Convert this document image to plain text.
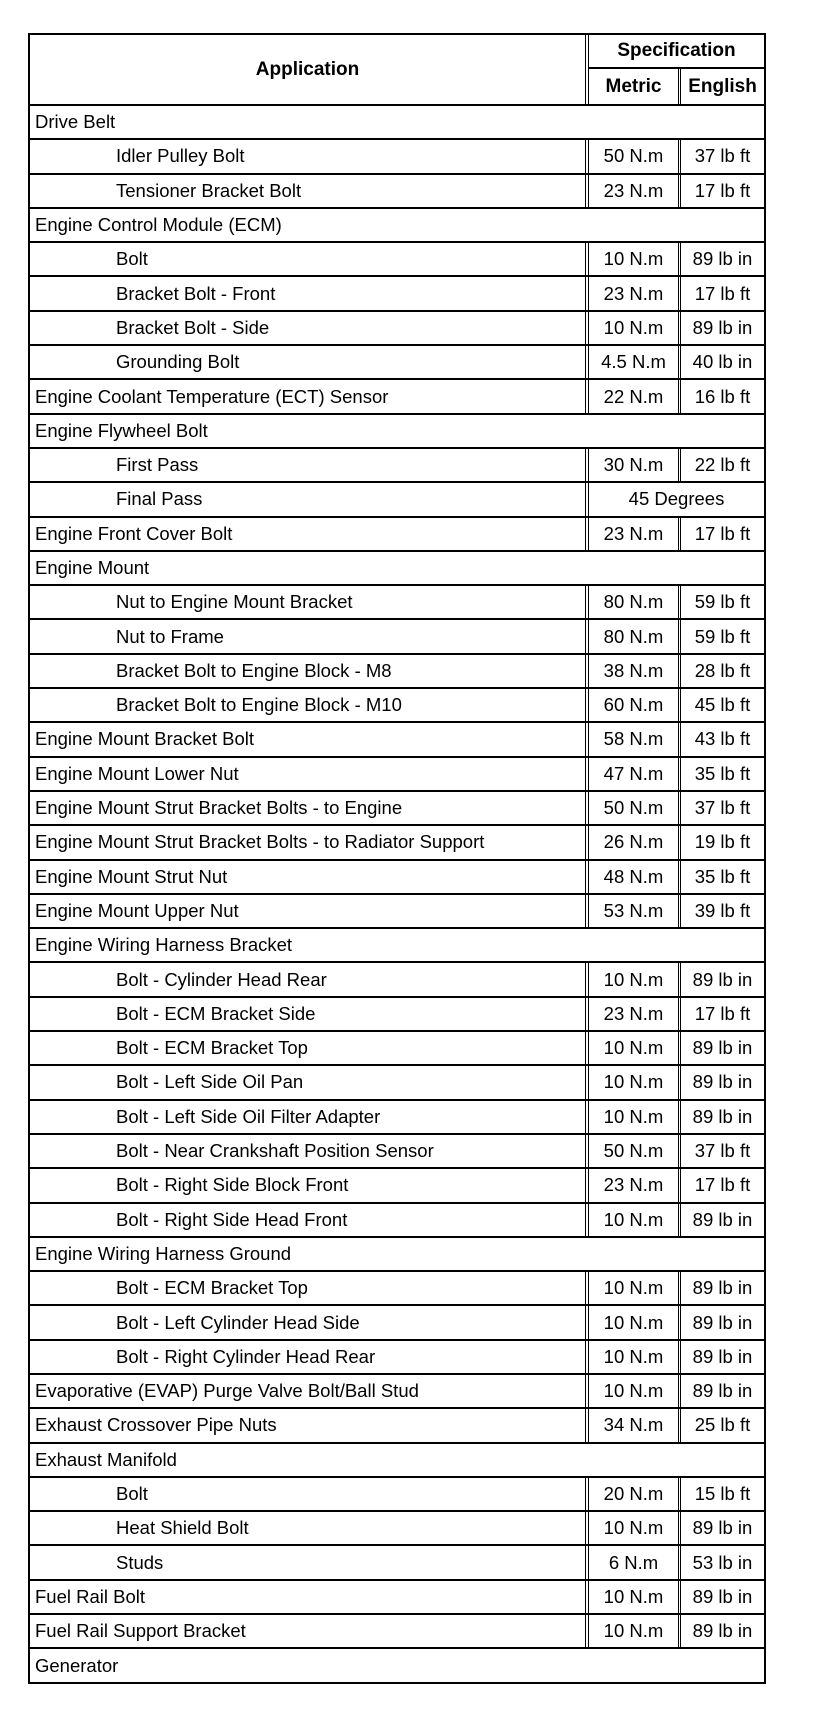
Application
Specification
Metric	English
Drive Belt
Idler Pulley Bolt	50 N.m	37 lb ft
Tensioner Bracket Bolt	23 N.m	17 lb ft
Engine Control Module (ECM)
Bolt	10 N.m	89 lb in
Bracket Bolt - Front	23 N.m	17 lb ft
Bracket Bolt - Side	10 N.m	89 lb in
Grounding Bolt	4.5 N.m	40 lb in
Engine Coolant Temperature (ECT) Sensor	22 N.m	16 lb ft
Engine Flywheel Bolt
First Pass	30 N.m	22 lb ft
Final Pass	45 Degrees
Engine Front Cover Bolt	23 N.m	17 lb ft
Engine Mount
Nut to Engine Mount Bracket	80 N.m	59 lb ft
Nut to Frame	80 N.m	59 lb ft
Bracket Bolt to Engine Block - M8	38 N.m	28 lb ft
Bracket Bolt to Engine Block - M10	60 N.m	45 lb ft
Engine Mount Bracket Bolt	58 N.m	43 lb ft
Engine Mount Lower Nut	47 N.m	35 lb ft
Engine Mount Strut Bracket Bolts - to Engine	50 N.m	37 lb ft
Engine Mount Strut Bracket Bolts - to Radiator Support	26 N.m	19 lb ft
Engine Mount Strut Nut	48 N.m	35 lb ft
Engine Mount Upper Nut	53 N.m	39 lb ft
Engine Wiring Harness Bracket
Bolt - Cylinder Head Rear	10 N.m	89 lb in
Bolt - ECM Bracket Side	23 N.m	17 lb ft
Bolt - ECM Bracket Top	10 N.m	89 lb in
Bolt - Left Side Oil Pan	10 N.m	89 lb in
Bolt - Left Side Oil Filter Adapter	10 N.m	89 lb in
Bolt - Near Crankshaft Position Sensor	50 N.m	37 lb ft
Bolt - Right Side Block Front	23 N.m	17 lb ft
Bolt - Right Side Head Front	10 N.m	89 lb in
Engine Wiring Harness Ground
Bolt - ECM Bracket Top	10 N.m	89 lb in
Bolt - Left Cylinder Head Side	10 N.m	89 lb in
Bolt - Right Cylinder Head Rear	10 N.m	89 lb in
Evaporative (EVAP) Purge Valve Bolt/Ball Stud	10 N.m	89 lb in
Exhaust Crossover Pipe Nuts	34 N.m	25 lb ft
Exhaust Manifold
Bolt	20 N.m	15 lb ft
Heat Shield Bolt	10 N.m	89 lb in
Studs	6 N.m	53 lb in
Fuel Rail Bolt	10 N.m	89 lb in
Fuel Rail Support Bracket	10 N.m	89 lb in
Generator
